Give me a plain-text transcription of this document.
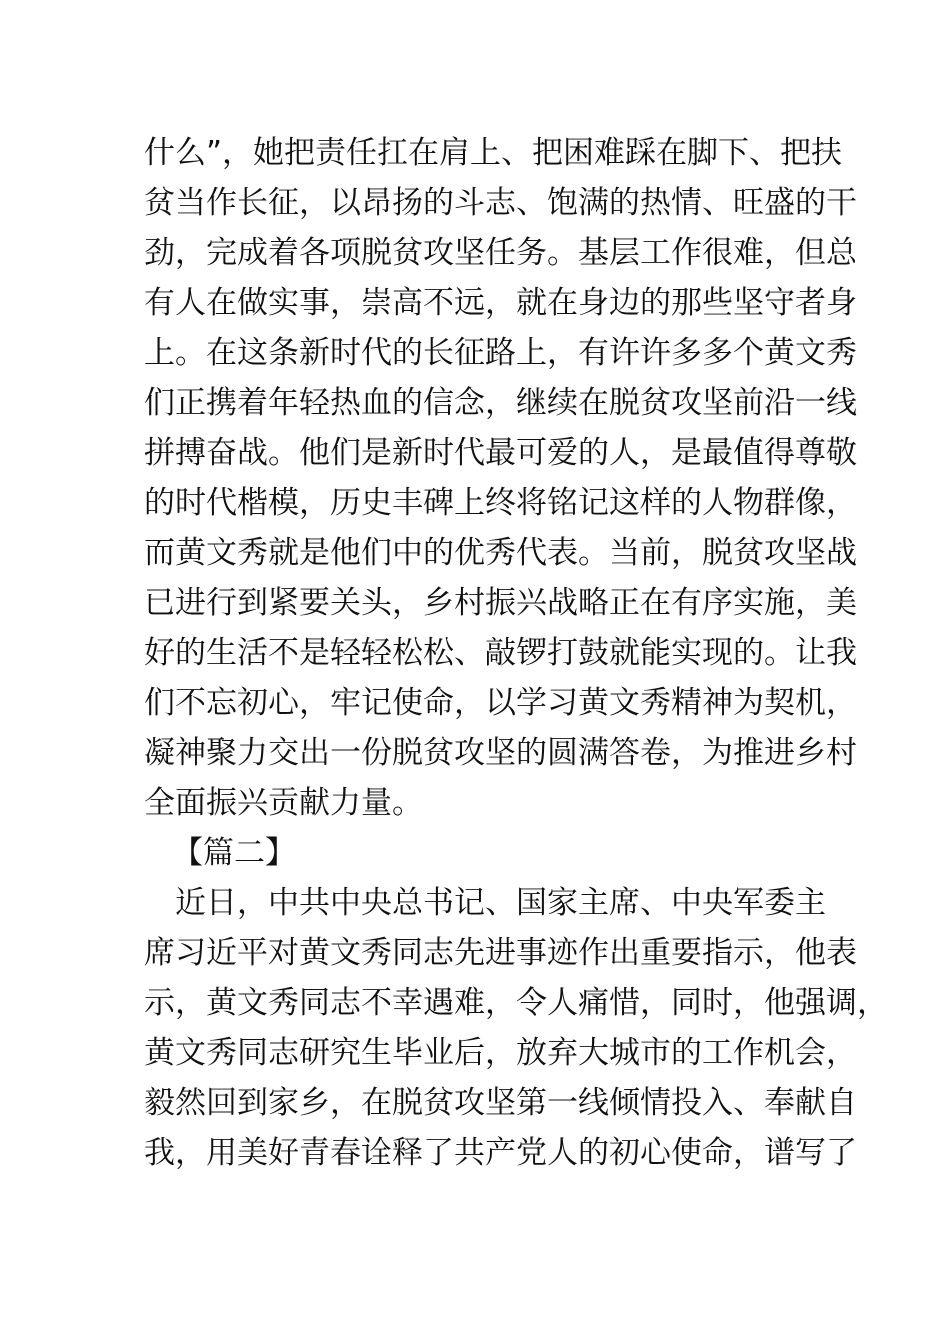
什么”，她把责任扛在肩上、把困难踩在脚下、把扶
贫当作长征，以昂扬的斗志、饱满的热情、旺盛的干
劲，完成着各项脱贫攻坚任务。基层工作很难，但总
有人在做实事，崇高不远，就在身边的那些坚守者身
上。在这条新时代的长征路上，有许许多多个黄文秀
们正携着年轻热血的信念，继续在脱贫攻坚前沿一线
拼搏奋战。他们是新时代最可爱的人，是最值得尊敬
的时代楷模，历史丰碑上终将铭记这样的人物群像，
而黄文秀就是他们中的优秀代表。当前，脱贫攻坚战
已进行到紧要关头，乡村振兴战略正在有序实施，美
好的生活不是轻轻松松、敲锣打鼓就能实现的。让我
们不忘初心，牢记使命，以学习黄文秀精神为契机，
凝神聚力交出一份脱贫攻坚的圆满答卷，为推进乡村
全面振兴贡献力量。
【篇二】
近日，中共中央总书记、国家主席、中央军委主
席习近平对黄文秀同志先进事迹作出重要指示，他表
示，黄文秀同志不幸遇难，令人痛惜，同时，他强调，
黄文秀同志研究生毕业后，放弃大城市的工作机会，
毅然回到家乡，在脱贫攻坚第一线倾情投入、奉献自
我，用美好青春诠释了共产党人的初心使命，谱写了
